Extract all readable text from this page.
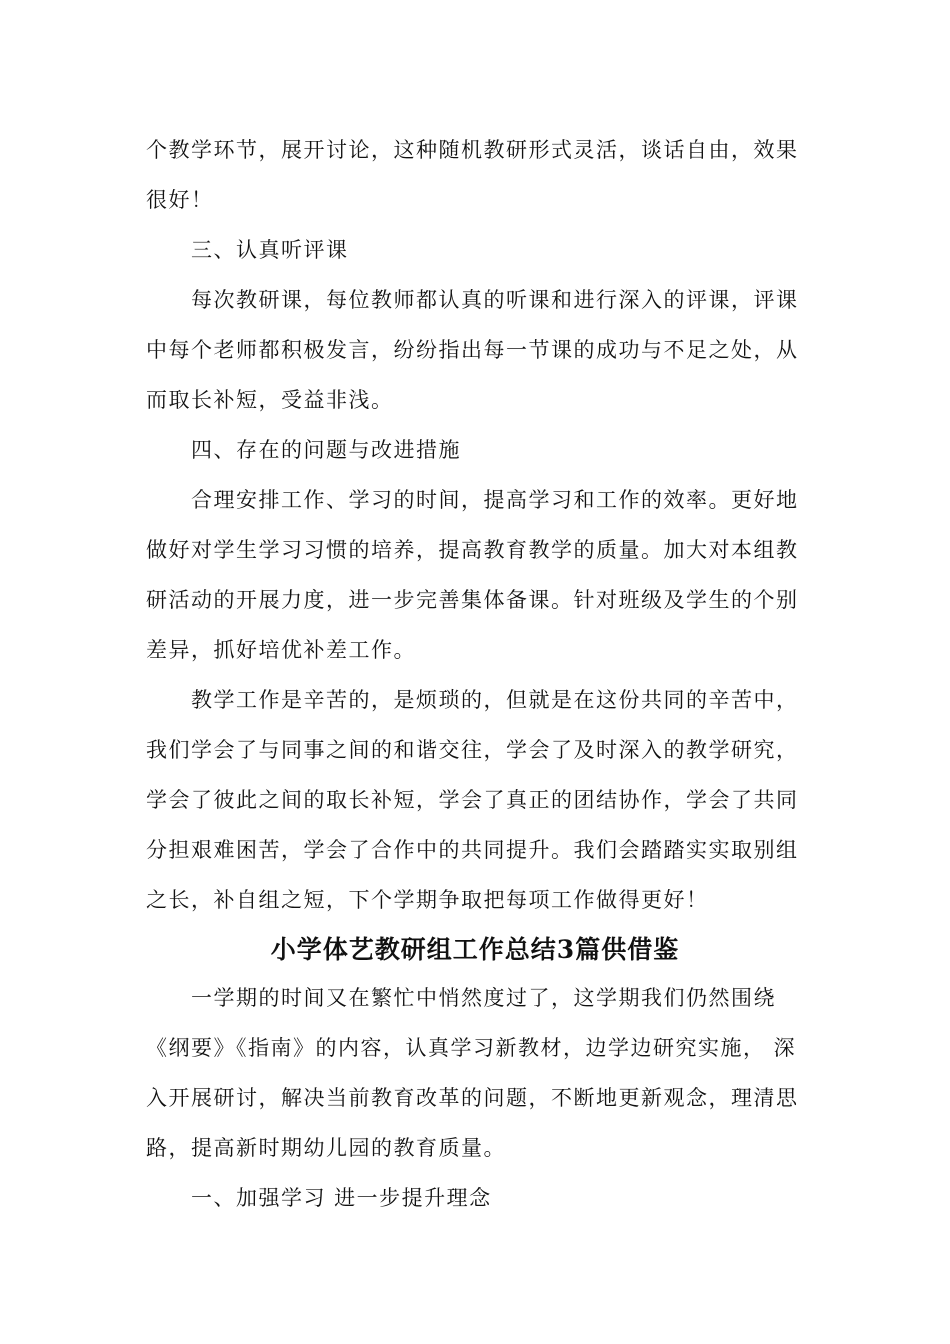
个教学环节，展开讨论，这种随机教研形式灵活，谈话自由，效果
很好！
　　三、认真听评课
　　每次教研课，每位教师都认真的听课和进行深入的评课，评课
中每个老师都积极发言，纷纷指出每一节课的成功与不足之处，从
而取长补短，受益非浅。
　　四、存在的问题与改进措施
　　合理安排工作、学习的时间，提高学习和工作的效率。更好地
做好对学生学习习惯的培养，提高教育教学的质量。加大对本组教
研活动的开展力度，进一步完善集体备课。针对班级及学生的个别
差异，抓好培优补差工作。
　　教学工作是辛苦的，是烦琐的，但就是在这份共同的辛苦中，
我们学会了与同事之间的和谐交往，学会了及时深入的教学研究，
学会了彼此之间的取长补短，学会了真正的团结协作，学会了共同
分担艰难困苦，学会了合作中的共同提升。我们会踏踏实实取别组
之长，补自组之短，下个学期争取把每项工作做得更好！
小学体艺教研组工作总结3篇供借鉴
　　一学期的时间又在繁忙中悄然度过了，这学期我们仍然围绕
《纲要》《指南》的内容，认真学习新教材，边学边研究实施， 深
入开展研讨，解决当前教育改革的问题，不断地更新观念，理清思
路，提高新时期幼儿园的教育质量。
　　一、加强学习 进一步提升理念
